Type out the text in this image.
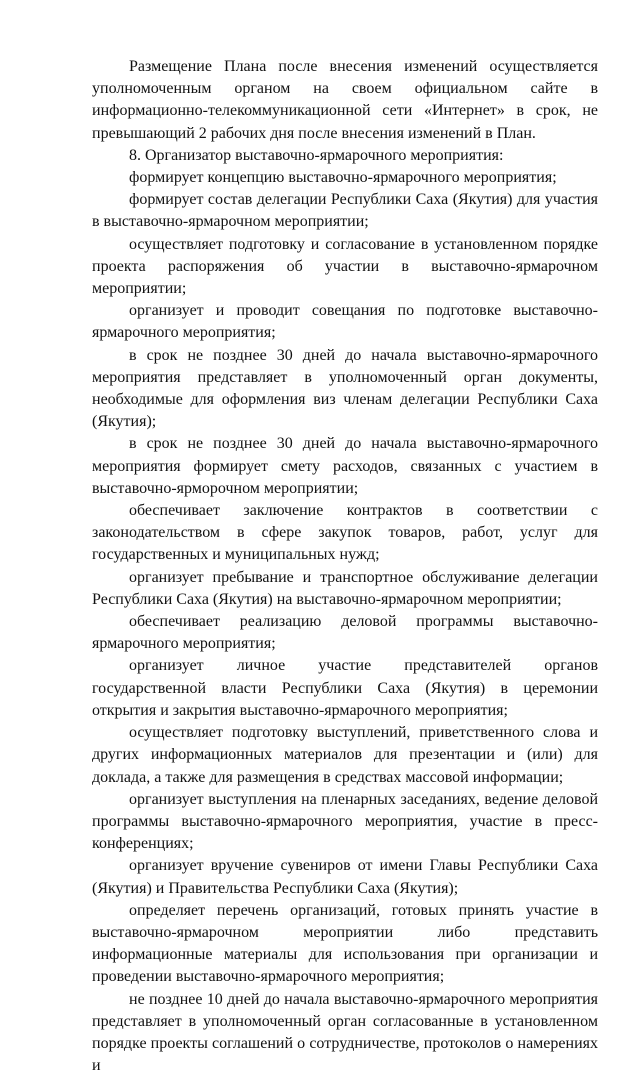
Размещение Плана после внесения изменений осуществляется уполномоченным органом на своем официальном сайте в информационно-телекоммуникационной сети «Интернет» в срок, не превышающий 2 рабочих дня после внесения изменений в План.

8. Организатор выставочно-ярмарочного мероприятия:

формирует концепцию выставочно-ярмарочного мероприятия;

формирует состав делегации Республики Саха (Якутия) для участия в выставочно-ярмарочном мероприятии;

осуществляет подготовку и согласование в установленном порядке проекта распоряжения об участии в выставочно-ярмарочном мероприятии;

организует и проводит совещания по подготовке выставочно-ярмарочного мероприятия;

в срок не позднее 30 дней до начала выставочно-ярмарочного мероприятия представляет в уполномоченный орган документы, необходимые для оформления виз членам делегации Республики Саха (Якутия);

в срок не позднее 30 дней до начала выставочно-ярмарочного мероприятия формирует смету расходов, связанных с участием в выставочно-ярморочном мероприятии;

обеспечивает заключение контрактов в соответствии с законодательством в сфере закупок товаров, работ, услуг для государственных и муниципальных нужд;

организует пребывание и транспортное обслуживание делегации Республики Саха (Якутия) на выставочно-ярмарочном мероприятии;

обеспечивает реализацию деловой программы выставочно-ярмарочного мероприятия;

организует личное участие представителей органов государственной власти Республики Саха (Якутия) в церемонии открытия и закрытия выставочно-ярмарочного мероприятия;

осуществляет подготовку выступлений, приветственного слова и других информационных материалов для презентации и (или) для доклада, а также для размещения в средствах массовой информации;

организует выступления на пленарных заседаниях, ведение деловой программы выставочно-ярмарочного мероприятия, участие в пресс-конференциях;

организует вручение сувениров от имени Главы Республики Саха (Якутия) и Правительства Республики Саха (Якутия);

определяет перечень организаций, готовых принять участие в выставочно-ярмарочном мероприятии либо представить информационные материалы для использования при организации и проведении выставочно-ярмарочного мероприятия;

не позднее 10 дней до начала выставочно-ярмарочного мероприятия представляет в уполномоченный орган согласованные в установленном порядке проекты соглашений о сотрудничестве, протоколов о намерениях и
